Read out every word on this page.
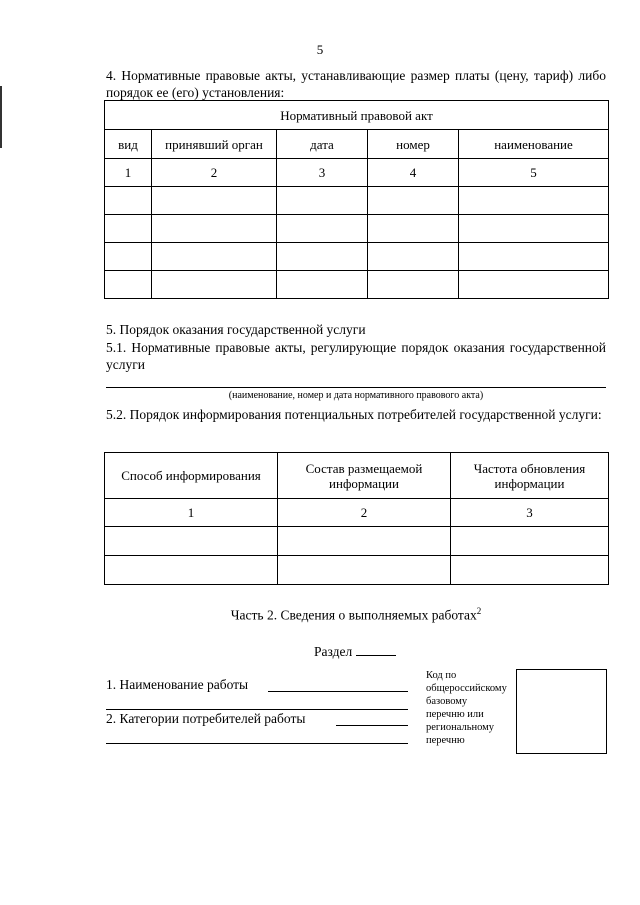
5
4. Нормативные правовые акты, устанавливающие размер платы (цену, тариф) либо порядок ее (его) установления:
Нормативный правовой акт				
вид	принявший орган	дата	номер	наименование
1	2	3	4	5

5. Порядок оказания государственной услуги
5.1. Нормативные правовые акты, регулирующие порядок оказания государственной услуги
(наименование, номер и дата нормативного правового акта)
5.2. Порядок информирования потенциальных потребителей государственной услуги:
Способ информирования	Состав размещаемой информации	Частота обновления информации
1	2	3

Часть 2. Сведения о выполняемых работах$^2$
Раздел
1. Наименование работы
2. Категории потребителей работы
Код по общероссийскому базовому перечню или региональному перечню
